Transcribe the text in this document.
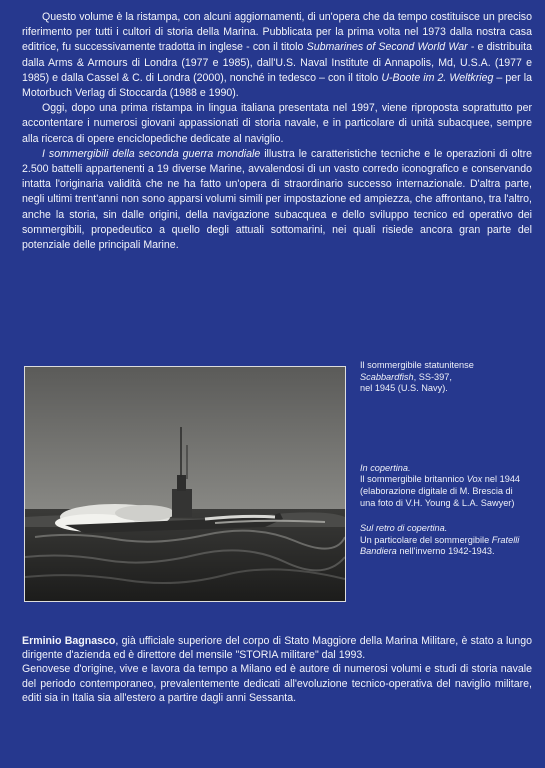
Questo volume è la ristampa, con alcuni aggiornamenti, di un'opera che da tempo costituisce un preciso riferimento per tutti i cultori di storia della Marina. Pubblicata per la prima volta nel 1973 dalla nostra casa editrice, fu successivamente tradotta in inglese - con il titolo Submarines of Second World War - e distribuita dalla Arms & Armours di Londra (1977 e 1985), dall'U.S. Naval Institute di Annapolis, Md, U.S.A. (1977 e 1985) e dalla Cassel & C. di Londra (2000), nonché in tedesco – con il titolo U-Boote im 2. Weltkrieg – per la Motorbuch Verlag di Stoccarda (1988 e 1990).

Oggi, dopo una prima ristampa in lingua italiana presentata nel 1997, viene riproposta soprattutto per accontentare i numerosi giovani appassionati di storia navale, e in particolare di unità subacquee, sempre alla ricerca di opere enciclopediche dedicate al naviglio.

I sommergibili della seconda guerra mondiale illustra le caratteristiche tecniche e le operazioni di oltre 2.500 battelli appartenenti a 19 diverse Marine, avvalendosi di un vasto corredo iconografico e conservando intatta l'originaria validità che ne ha fatto un'opera di straordinario successo internazionale. D'altra parte, negli ultimi trent'anni non sono apparsi volumi simili per impostazione ed ampiezza, che affrontano, tra l'altro, anche la storia, sin dalle origini, della navigazione subacquea e dello sviluppo tecnico ed operativo dei sommergibili, propedeutico a quello degli attuali sottomarini, nei quali risiede ancora gran parte del potenziale delle principali Marine.

Il sommergibile statunitense

Scabbardfish, SS-397,

nel 1945 (U.S. Navy).

In copertina.

Il sommergibile britannico Vox nel 1944 (elaborazione digitale di M. Brescia di una foto di V.H. Young & L.A. Sawyer)

Sul retro di copertina.

Un particolare del sommergibile Fratelli Bandiera nell'inverno 1942-1943.

Erminio Bagnasco, già ufficiale superiore del corpo di Stato Maggiore della Marina Militare, è stato a lungo dirigente d'azienda ed è direttore del mensile "STORIA militare" dal 1993.

Genovese d'origine, vive e lavora da tempo a Milano ed è autore di numerosi volumi e studi di storia navale del periodo contemporaneo, prevalentemente dedicati all'evoluzione tecnico-operativa del naviglio militare, editi sia in Italia sia all'estero a partire dagli anni Sessanta.
